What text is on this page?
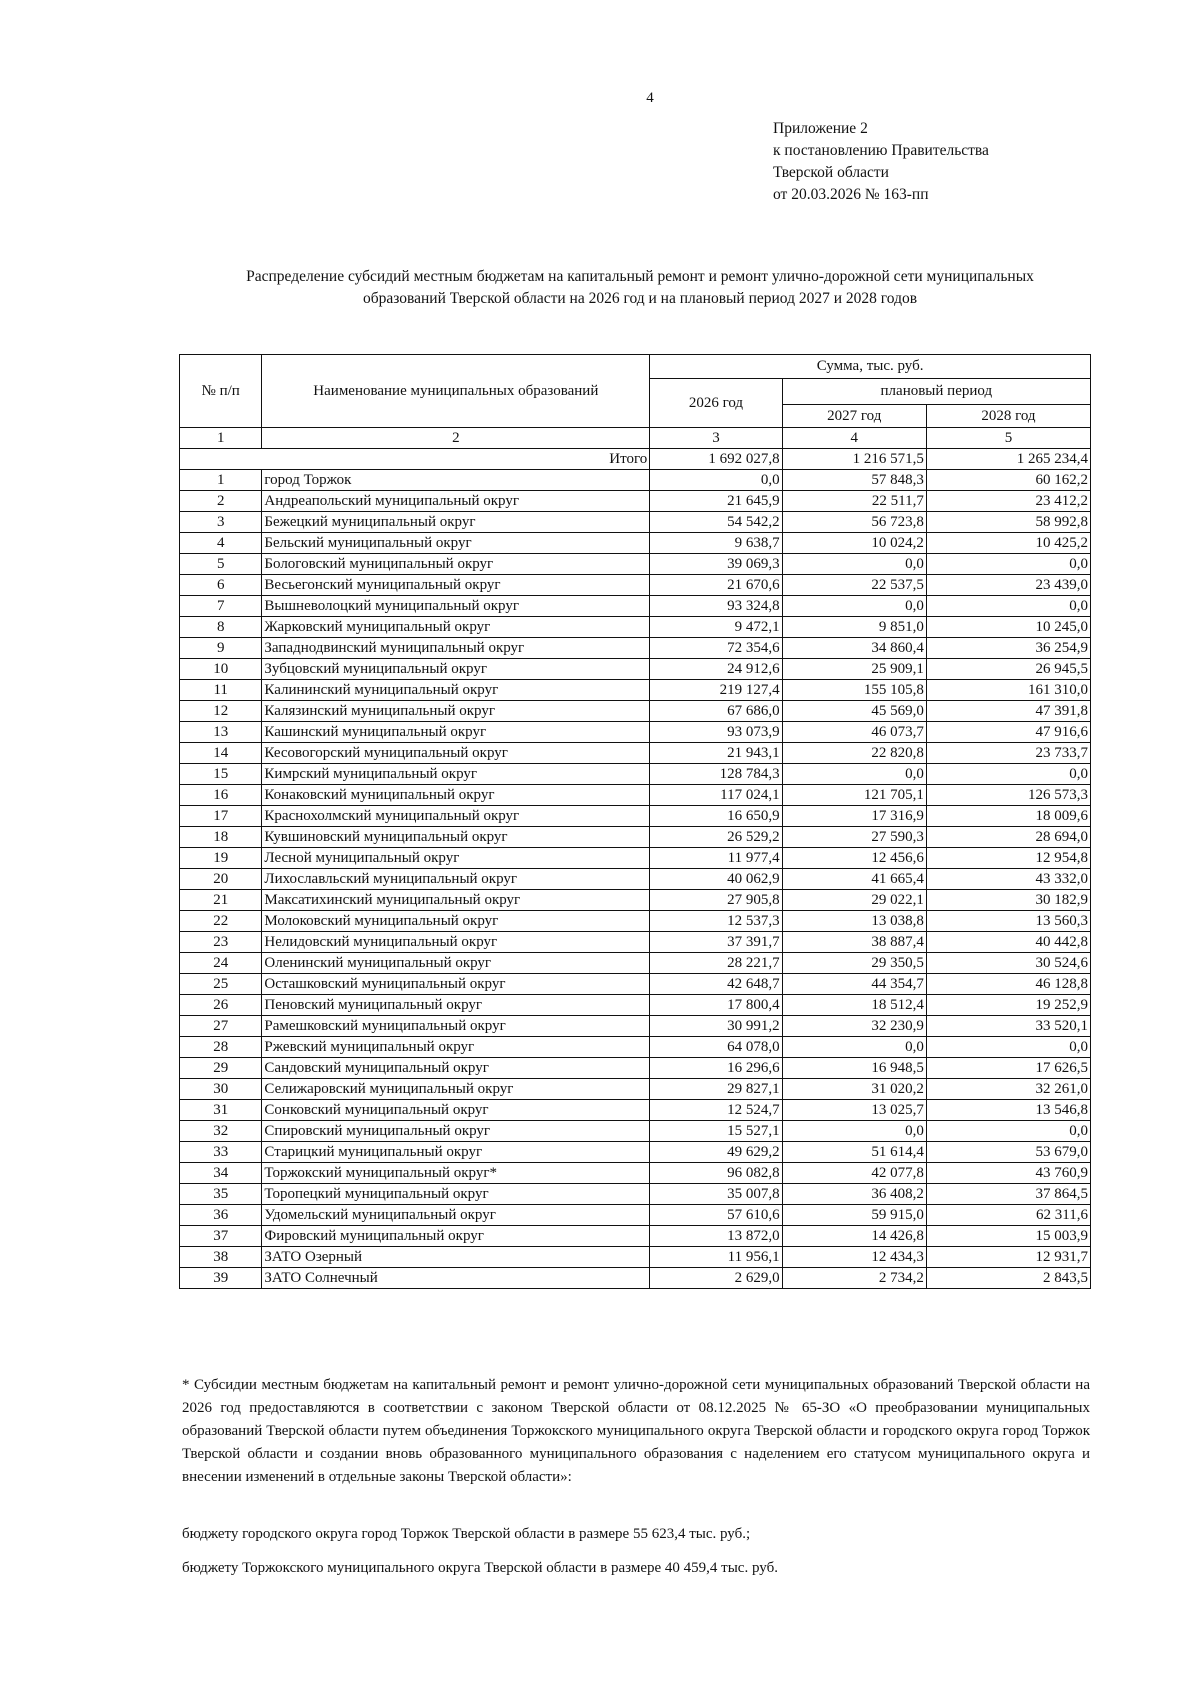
4
Приложение 2
к постановлению Правительства
Тверской области
от 20.03.2026 № 163-пп
Распределение субсидий местным бюджетам на капитальный ремонт и ремонт улично-дорожной сети муниципальных
образований Тверской области на 2026 год и на плановый период 2027 и 2028 годов
№ п/п	Наименование муниципальных образований	Сумма, тыс. руб.		
		2026 год	плановый период	
			2027 год	2028 год
1	2	3	4	5
Итого		1 692 027,8	1 216 571,5	1 265 234,4
1	город Торжок	0,0	57 848,3	60 162,2
2	Андреапольский муниципальный округ	21 645,9	22 511,7	23 412,2
3	Бежецкий муниципальный округ	54 542,2	56 723,8	58 992,8
4	Бельский муниципальный округ	9 638,7	10 024,2	10 425,2
5	Бологовский муниципальный округ	39 069,3	0,0	0,0
6	Весьегонский муниципальный округ	21 670,6	22 537,5	23 439,0
7	Вышневолоцкий муниципальный округ	93 324,8	0,0	0,0
8	Жарковский муниципальный округ	9 472,1	9 851,0	10 245,0
9	Западнодвинский муниципальный округ	72 354,6	34 860,4	36 254,9
10	Зубцовский муниципальный округ	24 912,6	25 909,1	26 945,5
11	Калининский муниципальный округ	219 127,4	155 105,8	161 310,0
12	Калязинский муниципальный округ	67 686,0	45 569,0	47 391,8
13	Кашинский муниципальный округ	93 073,9	46 073,7	47 916,6
14	Кесовогорский муниципальный округ	21 943,1	22 820,8	23 733,7
15	Кимрский муниципальный округ	128 784,3	0,0	0,0
16	Конаковский муниципальный округ	117 024,1	121 705,1	126 573,3
17	Краснохолмский муниципальный округ	16 650,9	17 316,9	18 009,6
18	Кувшиновский муниципальный округ	26 529,2	27 590,3	28 694,0
19	Лесной муниципальный округ	11 977,4	12 456,6	12 954,8
20	Лихославльский муниципальный округ	40 062,9	41 665,4	43 332,0
21	Максатихинский муниципальный округ	27 905,8	29 022,1	30 182,9
22	Молоковский муниципальный округ	12 537,3	13 038,8	13 560,3
23	Нелидовский муниципальный округ	37 391,7	38 887,4	40 442,8
24	Оленинский муниципальный округ	28 221,7	29 350,5	30 524,6
25	Осташковский муниципальный округ	42 648,7	44 354,7	46 128,8
26	Пеновский муниципальный округ	17 800,4	18 512,4	19 252,9
27	Рамешковский муниципальный округ	30 991,2	32 230,9	33 520,1
28	Ржевский муниципальный округ	64 078,0	0,0	0,0
29	Сандовский муниципальный округ	16 296,6	16 948,5	17 626,5
30	Селижаровский муниципальный округ	29 827,1	31 020,2	32 261,0
31	Сонковский муниципальный округ	12 524,7	13 025,7	13 546,8
32	Спировский муниципальный округ	15 527,1	0,0	0,0
33	Старицкий муниципальный округ	49 629,2	51 614,4	53 679,0
34	Торжокский муниципальный округ*	96 082,8	42 077,8	43 760,9
35	Торопецкий муниципальный округ	35 007,8	36 408,2	37 864,5
36	Удомельский муниципальный округ	57 610,6	59 915,0	62 311,6
37	Фировский муниципальный округ	13 872,0	14 426,8	15 003,9
38	ЗАТО Озерный	11 956,1	12 434,3	12 931,7
39	ЗАТО Солнечный	2 629,0	2 734,2	2 843,5
* Субсидии местным бюджетам на капитальный ремонт и ремонт улично-дорожной сети муниципальных образований Тверской области на 2026 год предоставляются в соответствии с законом Тверской области от 08.12.2025 № 65-ЗО «О преобразовании муниципальных образований Тверской области путем объединения Торжокского муниципального округа Тверской области и городского округа город Торжок Тверской области и создании вновь образованного муниципального образования с наделением его статусом муниципального округа и внесении изменений в отдельные законы Тверской области»:
бюджету городского округа город Торжок Тверской области в размере 55 623,4 тыс. руб.;
бюджету Торжокского муниципального округа Тверской области в размере 40 459,4 тыс. руб.
